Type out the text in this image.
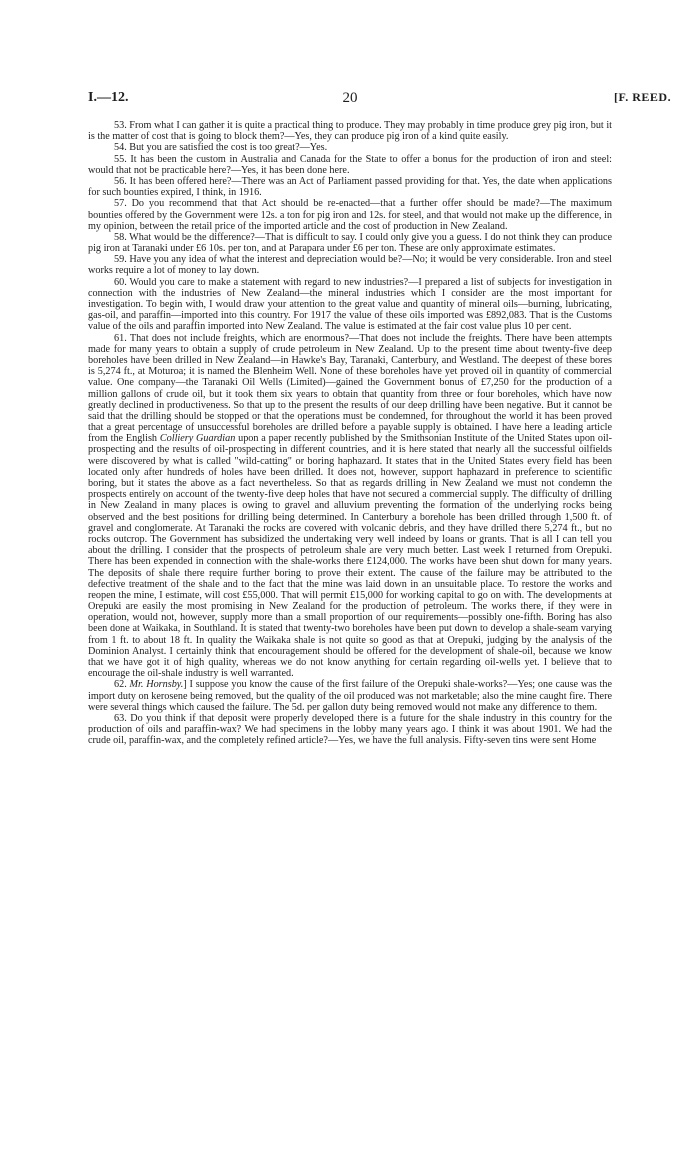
I.—12.	20	[F. REED.

53. From what I can gather it is quite a practical thing to produce. They may probably in time produce grey pig iron, but it is the matter of cost that is going to block them?—Yes, they can produce pig iron of a kind quite easily.

54. But you are satisfied the cost is too great?—Yes.

55. It has been the custom in Australia and Canada for the State to offer a bonus for the production of iron and steel: would that not be practicable here?—Yes, it has been done here.

56. It has been offered here?—There was an Act of Parliament passed providing for that. Yes, the date when applications for such bounties expired, I think, in 1916.

57. Do you recommend that that Act should be re-enacted—that a further offer should be made?—The maximum bounties offered by the Government were 12s. a ton for pig iron and 12s. for steel, and that would not make up the difference, in my opinion, between the retail price of the imported article and the cost of production in New Zealand.

58. What would be the difference?—That is difficult to say. I could only give you a guess. I do not think they can produce pig iron at Taranaki under £6 10s. per ton, and at Parapara under £6 per ton. These are only approximate estimates.

59. Have you any idea of what the interest and depreciation would be?—No; it would be very considerable. Iron and steel works require a lot of money to lay down.

60. Would you care to make a statement with regard to new industries?—I prepared a list of subjects for investigation in connection with the industries of New Zealand—the mineral industries which I consider are the most important for investigation. To begin with, I would draw your attention to the great value and quantity of mineral oils—burning, lubricating, gas-oil, and paraffin—imported into this country. For 1917 the value of these oils imported was £892,083. That is the Customs value of the oils and paraffin imported into New Zealand. The value is estimated at the fair cost value plus 10 per cent.

61. That does not include freights, which are enormous?—That does not include the freights. There have been attempts made for many years to obtain a supply of crude petroleum in New Zealand. Up to the present time about twenty-five deep boreholes have been drilled in New Zealand—in Hawke's Bay, Taranaki, Canterbury, and Westland. The deepest of these bores is 5,274 ft., at Moturoa; it is named the Blenheim Well. None of these boreholes have yet proved oil in quantity of commercial value. One company—the Taranaki Oil Wells (Limited)—gained the Government bonus of £7,250 for the production of a million gallons of crude oil, but it took them six years to obtain that quantity from three or four boreholes, which have now greatly declined in productiveness. So that up to the present the results of our deep drilling have been negative. But it cannot be said that the drilling should be stopped or that the operations must be condemned, for throughout the world it has been proved that a great percentage of unsuccessful boreholes are drilled before a payable supply is obtained. I have here a leading article from the English Colliery Guardian upon a paper recently published by the Smithsonian Institute of the United States upon oil-prospecting and the results of oil-prospecting in different countries, and it is here stated that nearly all the successful oilfields were discovered by what is called "wild-catting" or boring haphazard. It states that in the United States every field has been located only after hundreds of holes have been drilled. It does not, however, support haphazard in preference to scientific boring, but it states the above as a fact nevertheless. So that as regards drilling in New Zealand we must not condemn the prospects entirely on account of the twenty-five deep holes that have not secured a commercial supply. The difficulty of drilling in New Zealand in many places is owing to gravel and alluvium preventing the formation of the underlying rocks being observed and the best positions for drilling being determined. In Canterbury a borehole has been drilled through 1,500 ft. of gravel and conglomerate. At Taranaki the rocks are covered with volcanic debris, and they have drilled there 5,274 ft., but no rocks outcrop. The Government has subsidized the undertaking very well indeed by loans or grants. That is all I can tell you about the drilling. I consider that the prospects of petroleum shale are very much better. Last week I returned from Orepuki. There has been expended in connection with the shale-works there £124,000. The works have been shut down for many years. The deposits of shale there require further boring to prove their extent. The cause of the failure may be attributed to the defective treatment of the shale and to the fact that the mine was laid down in an unsuitable place. To restore the works and reopen the mine, I estimate, will cost £55,000. That will permit £15,000 for working capital to go on with. The developments at Orepuki are easily the most promising in New Zealand for the production of petroleum. The works there, if they were in operation, would not, however, supply more than a small proportion of our requirements—possibly one-fifth. Boring has also been done at Waikaka, in Southland. It is stated that twenty-two boreholes have been put down to develop a shale-seam varying from 1 ft. to about 18 ft. In quality the Waikaka shale is not quite so good as that at Orepuki, judging by the analysis of the Dominion Analyst. I certainly think that encouragement should be offered for the development of shale-oil, because we know that we have got it of high quality, whereas we do not know anything for certain regarding oil-wells yet. I believe that to encourage the oil-shale industry is well warranted.

62. Mr. Hornsby.] I suppose you know the cause of the first failure of the Orepuki shale-works?—Yes; one cause was the import duty on kerosene being removed, but the quality of the oil produced was not marketable; also the mine caught fire. There were several things which caused the failure. The 5d. per gallon duty being removed would not make any difference to them.

63. Do you think if that deposit were properly developed there is a future for the shale industry in this country for the production of oils and paraffin-wax? We had specimens in the lobby many years ago. I think it was about 1901. We had the crude oil, paraffin-wax, and the completely refined article?—Yes, we have the full analysis. Fifty-seven tins were sent Home
